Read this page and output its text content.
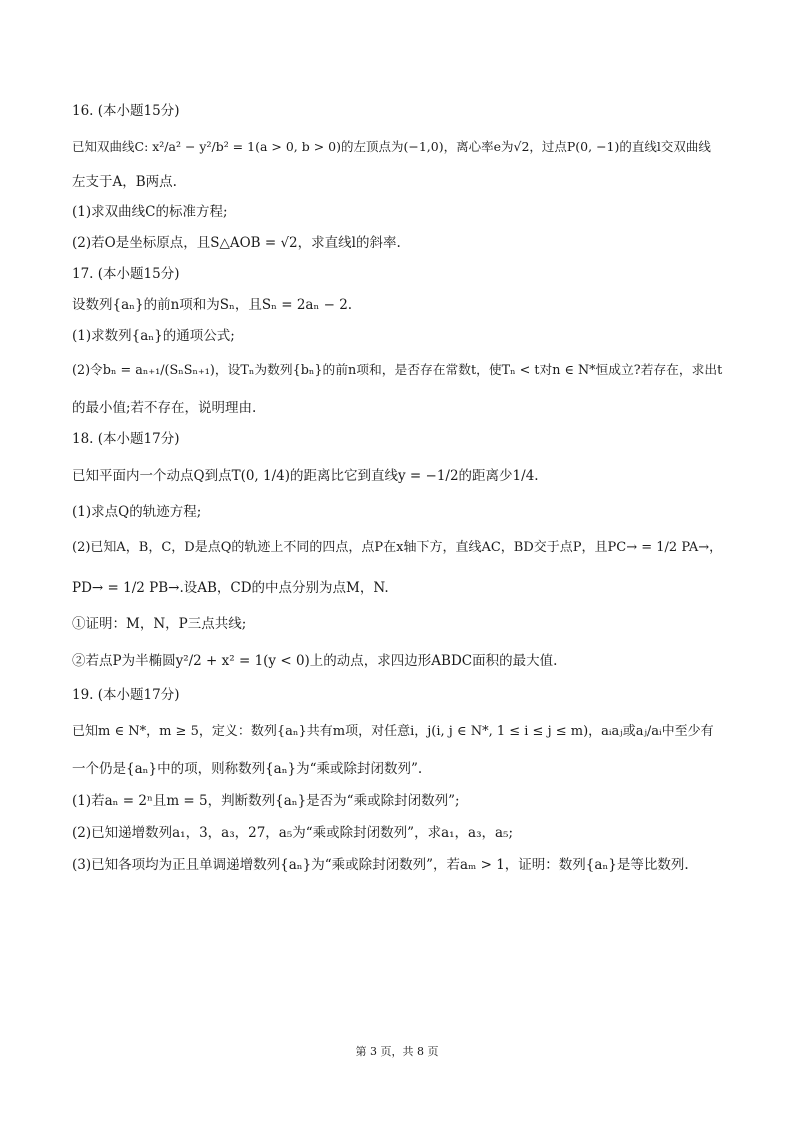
16. (本小题15分)
已知双曲线C: x²/a² − y²/b² = 1(a > 0, b > 0)的左顶点为(−1,0)，离心率e为√2，过点P(0, −1)的直线l交双曲线
左支于A，B两点.
(1)求双曲线C的标准方程;
(2)若O是坐标原点，且S△AOB = √2，求直线l的斜率.
17. (本小题15分)
设数列{aₙ}的前n项和为Sₙ，且Sₙ = 2aₙ − 2.
(1)求数列{aₙ}的通项公式;
(2)令bₙ = aₙ₊₁/(SₙSₙ₊₁)，设Tₙ为数列{bₙ}的前n项和，是否存在常数t，使Tₙ < t对n ∈ N*恒成立?若存在，求出t
的最小值;若不存在，说明理由.
18. (本小题17分)
已知平面内一个动点Q到点T(0, 1/4)的距离比它到直线y = −1/2的距离少1/4.
(1)求点Q的轨迹方程;
(2)已知A，B，C，D是点Q的轨迹上不同的四点，点P在x轴下方，直线AC，BD交于点P，且PC→ = 1/2 PA→，
PD→ = 1/2 PB→.设AB，CD的中点分别为点M，N.
①证明：M，N，P三点共线;
②若点P为半椭圆y²/2 + x² = 1(y < 0)上的动点，求四边形ABDC面积的最大值.
19. (本小题17分)
已知m ∈ N*，m ≥ 5，定义：数列{aₙ}共有m项，对任意i，j(i, j ∈ N*, 1 ≤ i ≤ j ≤ m)，aᵢaⱼ或aⱼ/aᵢ中至少有
一个仍是{aₙ}中的项，则称数列{aₙ}为“乘或除封闭数列”.
(1)若aₙ = 2ⁿ且m = 5，判断数列{aₙ}是否为“乘或除封闭数列”;
(2)已知递增数列a₁，3，a₃，27，a₅为“乘或除封闭数列”，求a₁，a₃，a₅;
(3)已知各项均为正且单调递增数列{aₙ}为“乘或除封闭数列”，若aₘ > 1，证明：数列{aₙ}是等比数列.
第 3 页，共 8 页
